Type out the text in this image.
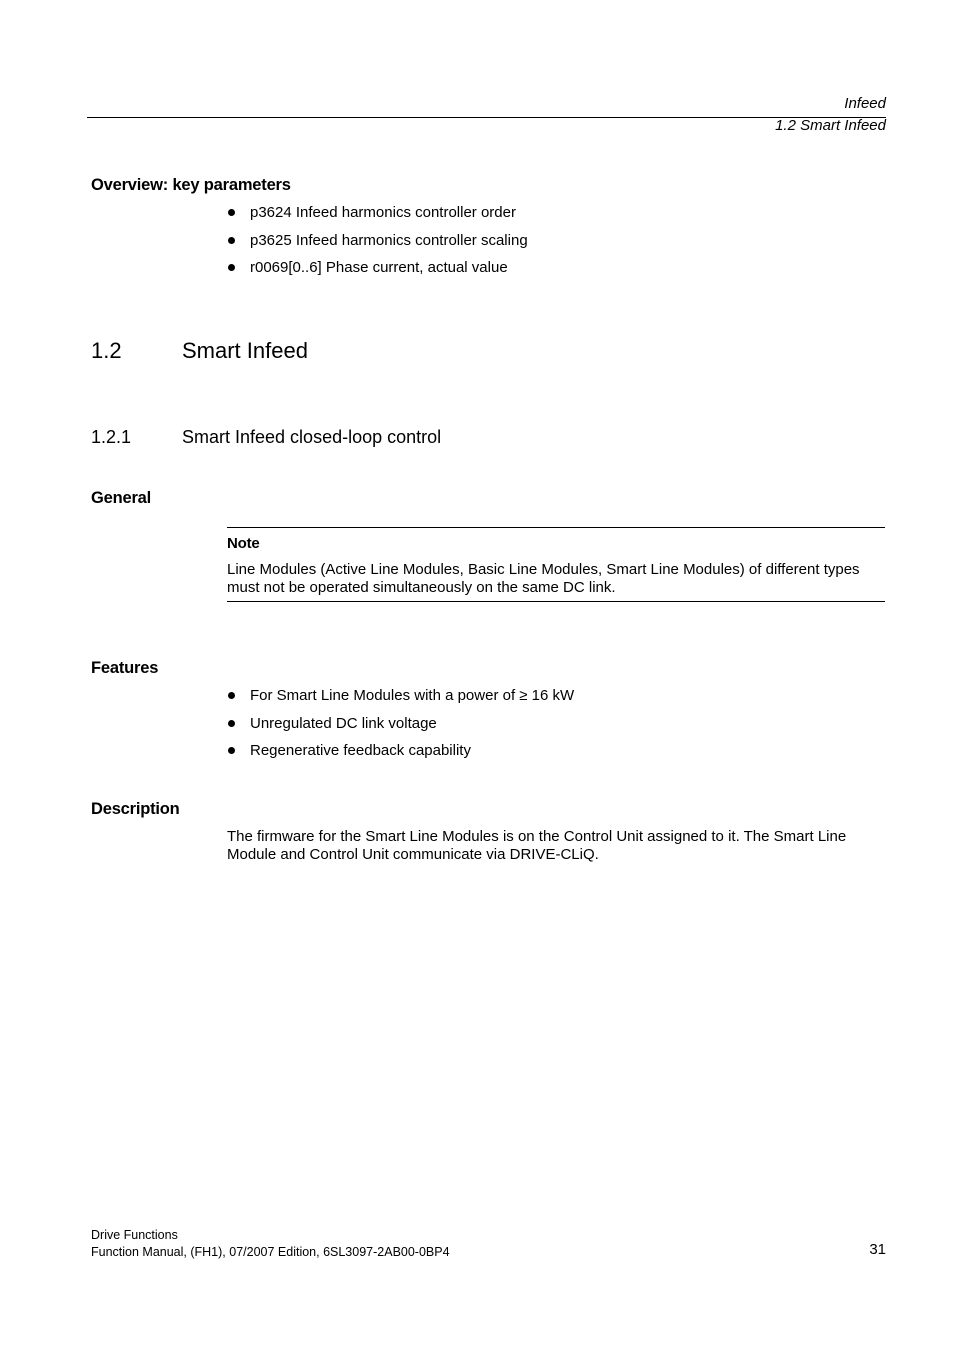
Infeed
1.2 Smart Infeed
Overview: key parameters
p3624 Infeed harmonics controller order
p3625 Infeed harmonics controller scaling
r0069[0..6] Phase current, actual value
1.2	Smart Infeed
1.2.1	Smart Infeed closed-loop control
General
Note
Line Modules (Active Line Modules, Basic Line Modules, Smart Line Modules) of different types must not be operated simultaneously on the same DC link.
Features
For Smart Line Modules with a power of ≥ 16 kW
Unregulated DC link voltage
Regenerative feedback capability
Description
The firmware for the Smart Line Modules is on the Control Unit assigned to it. The Smart Line Module and Control Unit communicate via DRIVE-CLiQ.
Drive Functions
Function Manual, (FH1), 07/2007 Edition, 6SL3097-2AB00-0BP4	31
